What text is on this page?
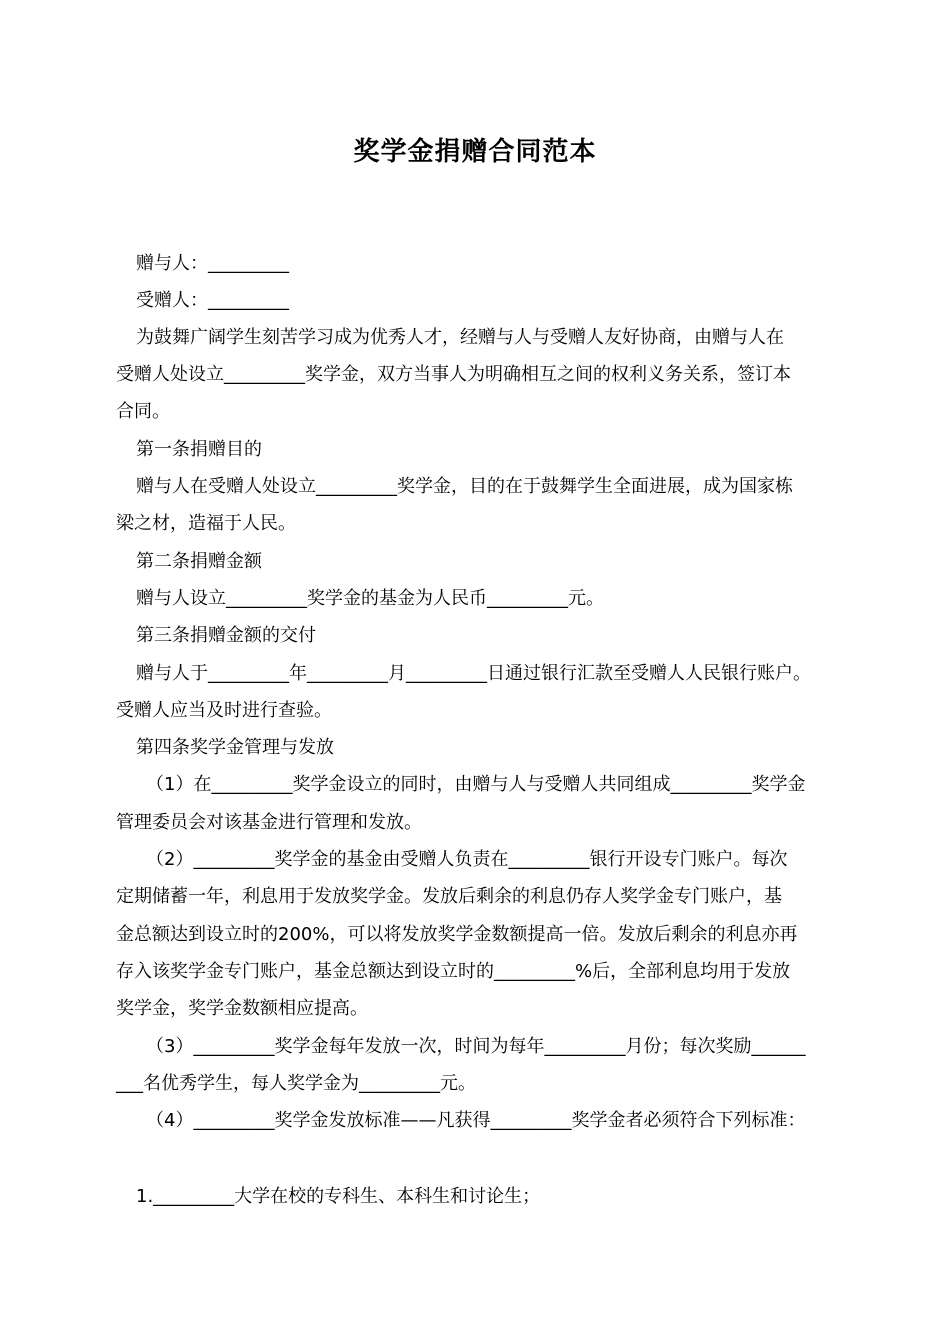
奖学金捐赠合同范本
赠与人：_________
受赠人：_________
为鼓舞广阔学生刻苦学习成为优秀人才，经赠与人与受赠人友好协商，由赠与人在
受赠人处设立_________奖学金，双方当事人为明确相互之间的权利义务关系，签订本
合同。
第一条捐赠目的
赠与人在受赠人处设立_________奖学金，目的在于鼓舞学生全面进展，成为国家栋
梁之材，造福于人民。
第二条捐赠金额
赠与人设立_________奖学金的基金为人民币_________元。
第三条捐赠金额的交付
赠与人于_________年_________月_________日通过银行汇款至受赠人人民银行账户。
受赠人应当及时进行查验。
第四条奖学金管理与发放
（1）在_________奖学金设立的同时，由赠与人与受赠人共同组成_________奖学金
管理委员会对该基金进行管理和发放。
（2）_________奖学金的基金由受赠人负责在_________银行开设专门账户。每次
定期储蓄一年，利息用于发放奖学金。发放后剩余的利息仍存人奖学金专门账户，基
金总额达到设立时的200%，可以将发放奖学金数额提高一倍。发放后剩余的利息亦再
存入该奖学金专门账户，基金总额达到设立时的_________%后，全部利息均用于发放
奖学金，奖学金数额相应提高。
（3）_________奖学金每年发放一次，时间为每年_________月份；每次奖励______
___名优秀学生，每人奖学金为_________元。
（4）_________奖学金发放标准——凡获得_________奖学金者必须符合下列标准：
1._________大学在校的专科生、本科生和讨论生；
